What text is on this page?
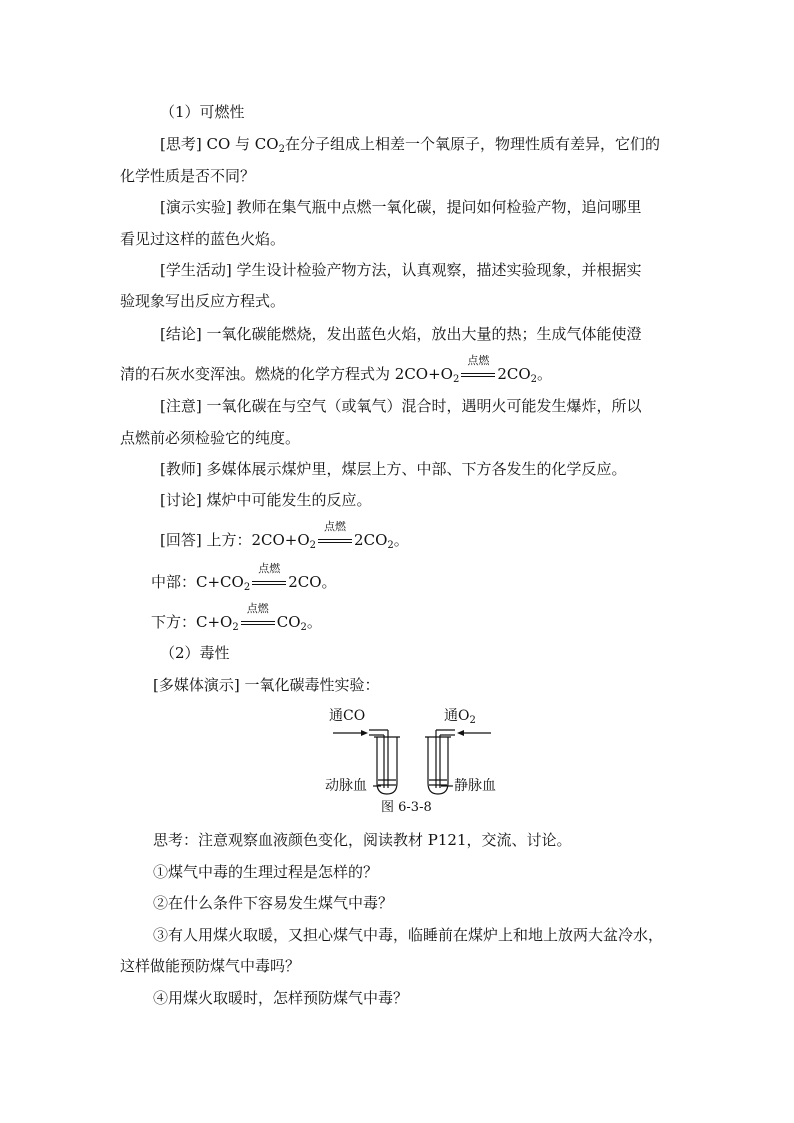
（1）可燃性
[思考] CO 与 $CO_2$在分子组成上相差一个氧原子，物理性质有差异，它们的
化学性质是否不同？
[演示实验] 教师在集气瓶中点燃一氧化碳，提问如何检验产物，追问哪里
看见过这样的蓝色火焰。
[学生活动] 学生设计检验产物方法，认真观察，描述实验现象，并根据实
验现象写出反应方程式。
[结论] 一氧化碳能燃烧，发出蓝色火焰，放出大量的热；生成气体能使澄
清的石灰水变浑浊。燃烧的化学方程式为 $2CO+O_2$
点燃
$2CO_2$。
[注意] 一氧化碳在与空气（或氧气）混合时，遇明火可能发生爆炸，所以
点燃前必须检验它的纯度。
[教师] 多媒体展示煤炉里，煤层上方、中部、下方各发生的化学反应。
[讨论] 煤炉中可能发生的反应。
[回答] 上方：$2CO+O_2$
点燃
$2CO_2$。
中部：$C+CO_2$
点燃
2CO。
下方：$C+O_2$
点燃
$CO_2$。
（2）毒性
[多媒体演示] 一氧化碳毒性实验：
通CO	通$O_2$
动脉血	静脉血
图 6-3-8
思考：注意观察血液颜色变化，阅读教材 P121，交流、讨论。
①煤气中毒的生理过程是怎样的？
②在什么条件下容易发生煤气中毒？
③有人用煤火取暖，又担心煤气中毒，临睡前在煤炉上和地上放两大盆冷水，
这样做能预防煤气中毒吗？
④用煤火取暖时，怎样预防煤气中毒？
